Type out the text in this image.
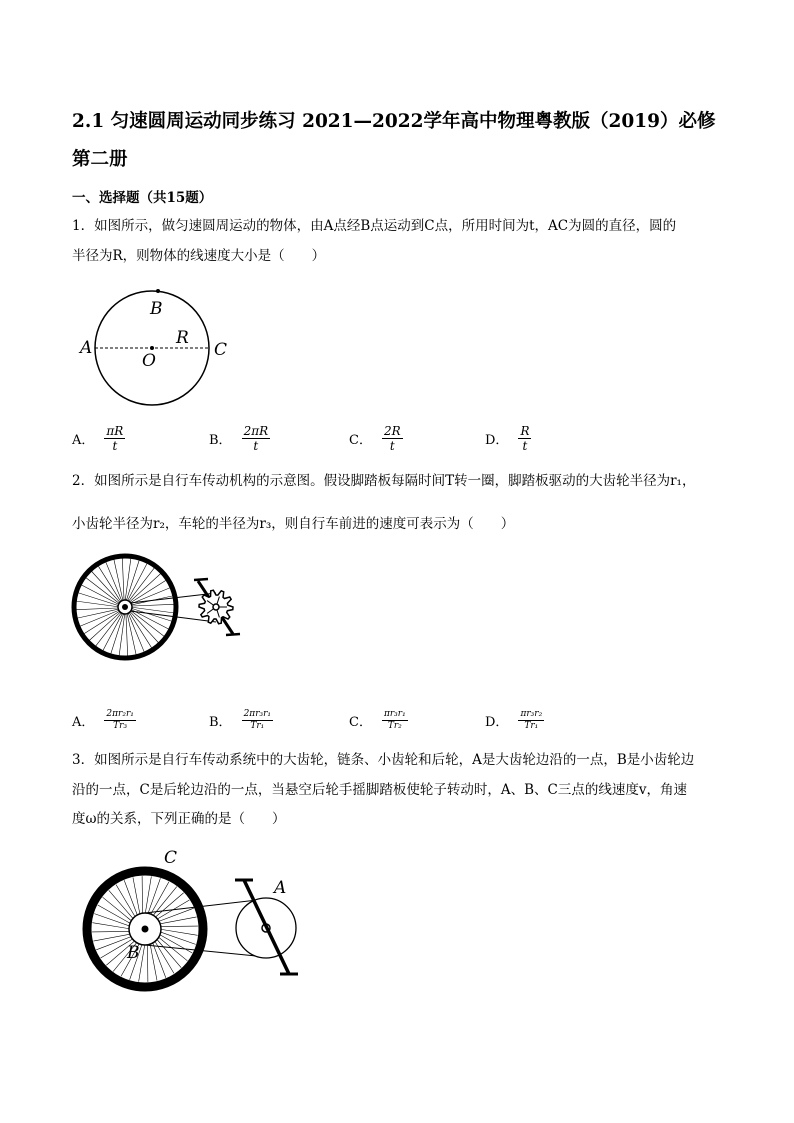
2.1 匀速圆周运动同步练习 2021—2022学年高中物理粤教版（2019）必修第二册
一、选择题（共15题）
1．如图所示，做匀速圆周运动的物体，由A点经B点运动到C点，所用时间为t，AC为圆的直径，圆的
半径为R，则物体的线速度大小是（　　）
A
B
C
O
R
A． $\frac{\pi R}{t}$	B． $\frac{2\pi R}{t}$	C． $\frac{2R}{t}$	D． $\frac{R}{t}$
2．如图所示是自行车传动机构的示意图。假设脚踏板每隔时间T转一圈，脚踏板驱动的大齿轮半径为r₁，
小齿轮半径为r₂，车轮的半径为r₃，则自行车前进的速度可表示为（　　）
A． $\frac{\text{2πr₂r₁}}{\text{Tr₃}}$	B． $\frac{\text{2πr₃r₁}}{\text{Tr₁}}$	C． $\frac{\text{πr₃r₁}}{\text{Tr₂}}$	D． $\frac{\text{πr₃r₂}}{\text{Tr₁}}$
3．如图所示是自行车传动系统中的大齿轮，链条、小齿轮和后轮，A是大齿轮边沿的一点，B是小齿轮边
沿的一点，C是后轮边沿的一点，当悬空后轮手摇脚踏板使轮子转动时，A、B、C三点的线速度v，角速
度ω的关系，下列正确的是（　　）
C
A
B
